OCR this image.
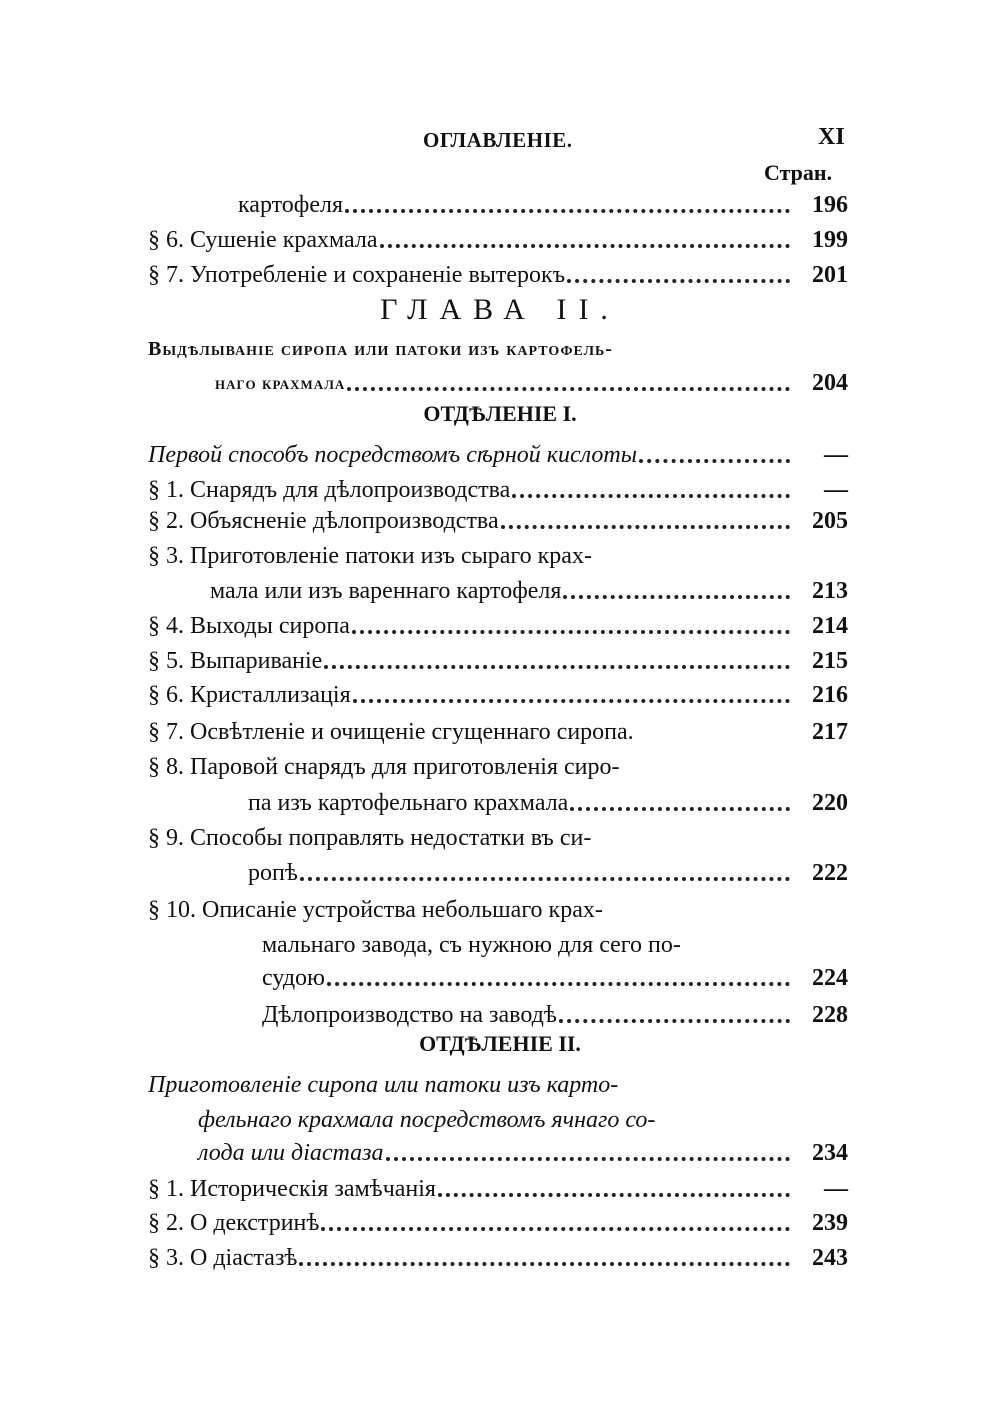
ОГЛАВЛЕНІЕ.	XI
Стран.
картофеля	196
§ 6. Сушеніе крахмала	199
§ 7. Употребленіе и сохраненіе вытерокъ	201
ГЛАВА II.
Выдѣлываніе сиропа или патоки изъ картофель-
наго крахмала	204
ОТДѢЛЕНІЕ I.
Первой способъ посредствомъ сѣрной кислоты	—
§ 1. Снарядъ для дѣлопроизводства	—
§ 2. Объясненіе дѣлопроизводства	205
§ 3. Приготовленіе патоки изъ сыраго крах-
мала или изъ вареннаго картофеля	213
§ 4. Выходы сиропа	214
§ 5. Выпариваніе	215
§ 6. Кристаллизація	216
§ 7. Освѣтленіе и очищеніе сгущеннаго сиропа.	217
§ 8. Паровой снарядъ для приготовленія сиро-
па изъ картофельнаго крахмала	220
§ 9. Способы поправлять недостатки въ си-
ропѣ	222
§ 10. Описаніе устройства небольшаго крах-
мальнаго завода, съ нужною для сего по-
судою	224
Дѣлопроизводство на заводѣ	228
ОТДѢЛЕНІЕ II.
Приготовленіе сиропа или патоки изъ карто-
фельнаго крахмала посредствомъ ячнаго со-
лода или діастаза	234
§ 1. Историческія замѣчанія	—
§ 2. О декстринѣ	239
§ 3. О діастазѣ	243
